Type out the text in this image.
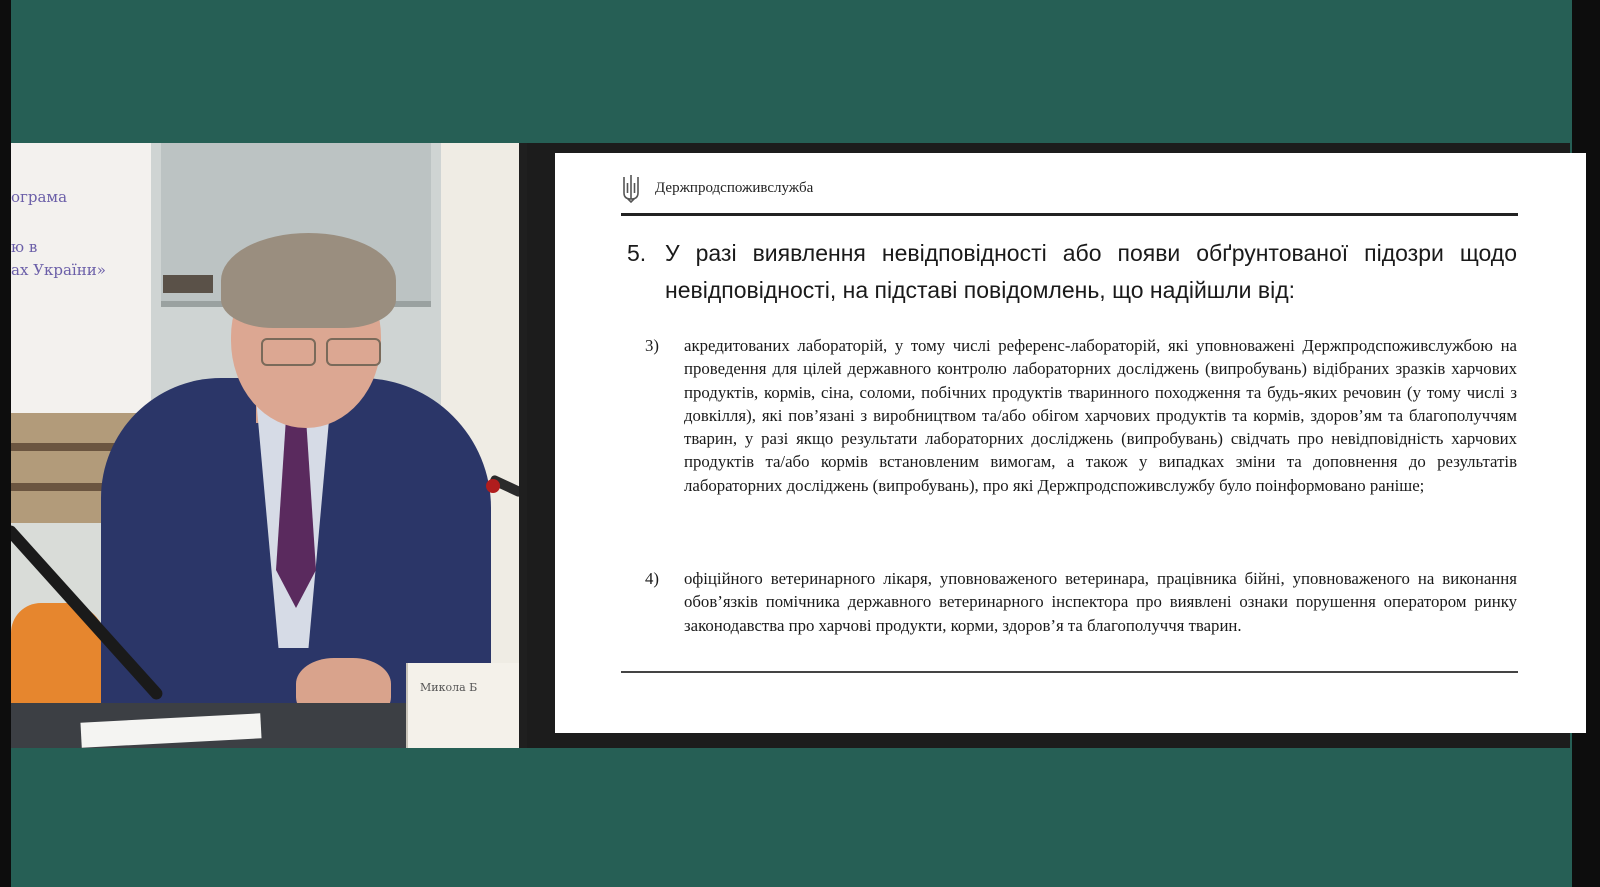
ограма
ю в
ах України»
Микола Б
Держпродспоживслужба
5. У разі виявлення невідповідності або появи обґрунтованої підозри щодо невідповідності, на підставі повідомлень, що надійшли від:
3)	акредитованих лабораторій, у тому числі референс-лабораторій, які уповноважені Держпродспоживслужбою на проведення для цілей державного контролю лабораторних досліджень (випробувань) відібраних зразків харчових продуктів, кормів, сіна, соломи, побічних продуктів тваринного походження та будь-яких речовин (у тому числі з довкілля), які пов’язані з виробництвом та/або обігом харчових продуктів та кормів, здоров’ям та благополуччям тварин, у разі якщо результати лабораторних досліджень (випробувань) свідчать про невідповідність харчових продуктів та/або кормів встановленим вимогам, а також у випадках зміни та доповнення до результатів лабораторних досліджень (випробувань), про які Держпродспоживслужбу було поінформовано раніше;
4)	офіційного ветеринарного лікаря, уповноваженого ветеринара, працівника бійні, уповноваженого на виконання обов’язків помічника державного ветеринарного інспектора про виявлені ознаки порушення оператором ринку законодавства про харчові продукти, корми, здоров’я та благополуччя тварин.
